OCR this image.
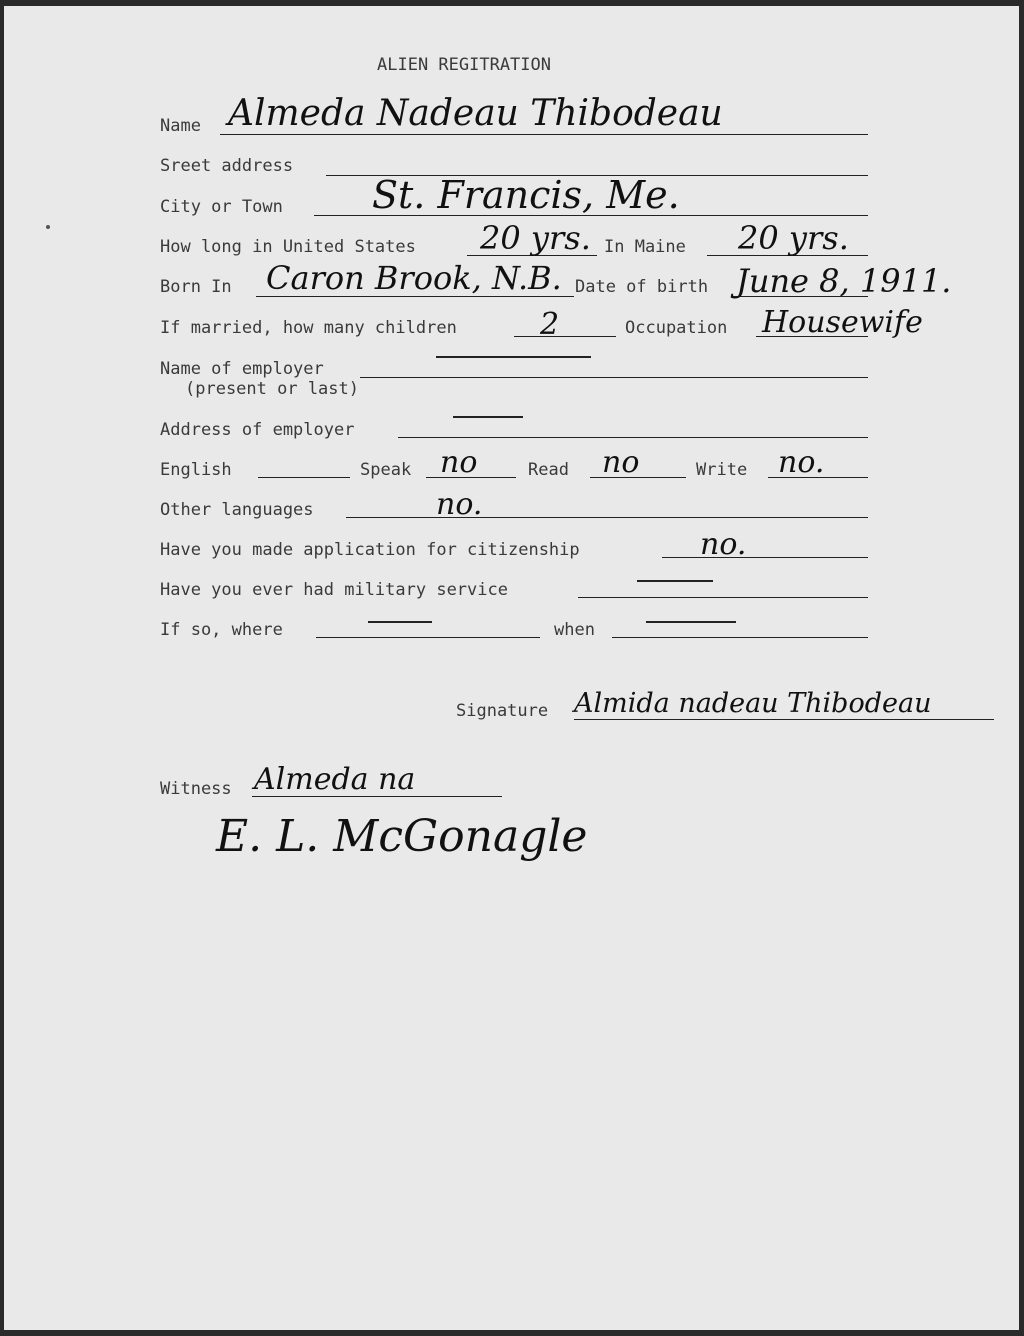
ALIEN REGITRATION
Name Almeda Nadeau Thibodeau
Sreet address
City or Town St. Francis, Me.
How long in United States 20 yrs. In Maine 20 yrs.
Born In Caron Brook, N.B. Date of birth June 8, 1911.
If married, how many children	2	Occupation Housewife
Name of employer
(present or last)
Address of employer
English	Speak no	Read no	Write no.
Other languages	no.
Have you made application for citizenship	no.
Have you ever had military service
If so, where	when
Signature Almida nadeau Thibodeau
Witness Almeda na
E. L. McGonagle
